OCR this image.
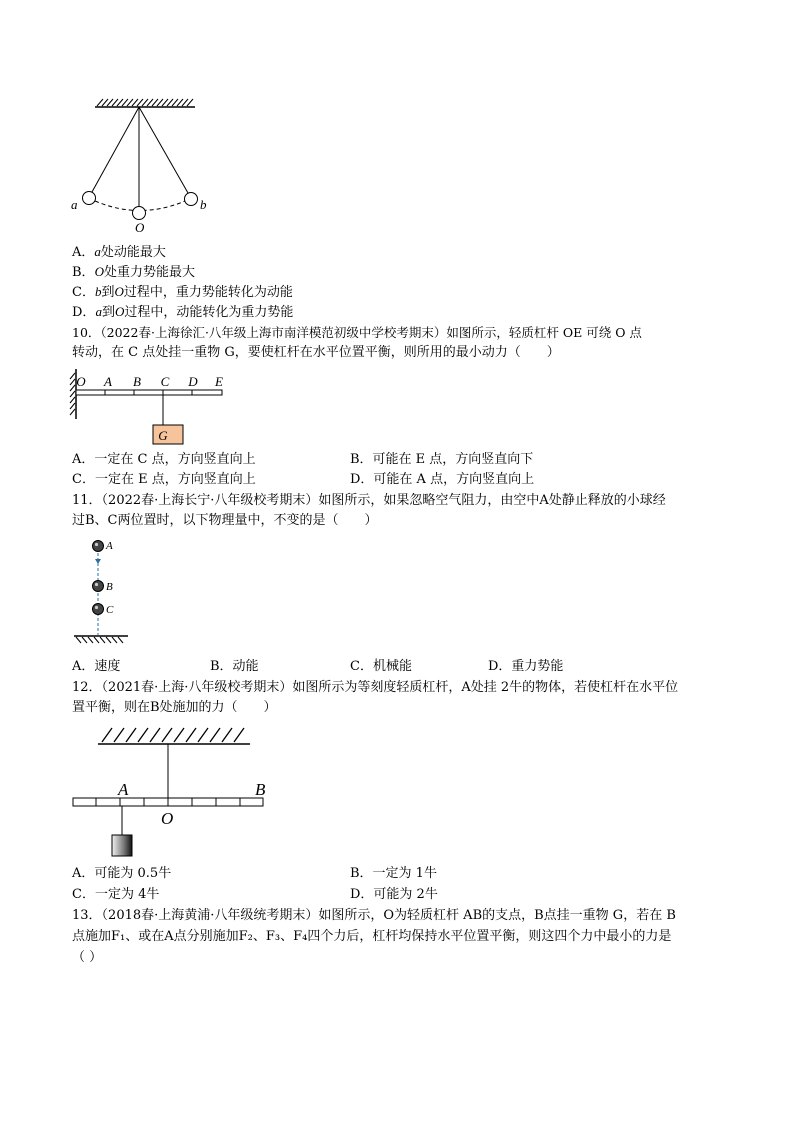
a	b
O
A．a处动能最大
B．O处重力势能最大
C．b到O过程中，重力势能转化为动能
D．a到O过程中，动能转化为重力势能
10．（2022春·上海徐汇·八年级上海市南洋模范初级中学校考期末）如图所示，轻质杠杆 OE 可绕 O 点
转动，在 C 点处挂一重物 G，要使杠杆在水平位置平衡，则所用的最小动力（　　）
G
O A B C D E
A．一定在 C 点，方向竖直向上	B．可能在 E 点，方向竖直向下
C．一定在 E 点，方向竖直向上	D．可能在 A 点，方向竖直向上
11．（2022春·上海长宁·八年级校考期末）如图所示，如果忽略空气阻力，由空中A处静止释放的小球经
过B、C两位置时，以下物理量中，不变的是（　　）
A
B
C
A．速度	B．动能	C．机械能	D．重力势能
12．（2021春·上海·八年级校考期末）如图所示为等刻度轻质杠杆，A处挂 2牛的物体，若使杠杆在水平位
置平衡，则在B处施加的力（　　）
A	B
O
A．可能为 0.5牛	B．一定为 1牛
C．一定为 4牛	D．可能为 2牛
13．（2018春·上海黄浦·八年级统考期末）如图所示，O为轻质杠杆 AB的支点，B点挂一重物 G，若在 B
点施加F₁、或在A点分别施加F₂、F₃、F₄四个力后，杠杆均保持水平位置平衡，则这四个力中最小的力是
（ ）
